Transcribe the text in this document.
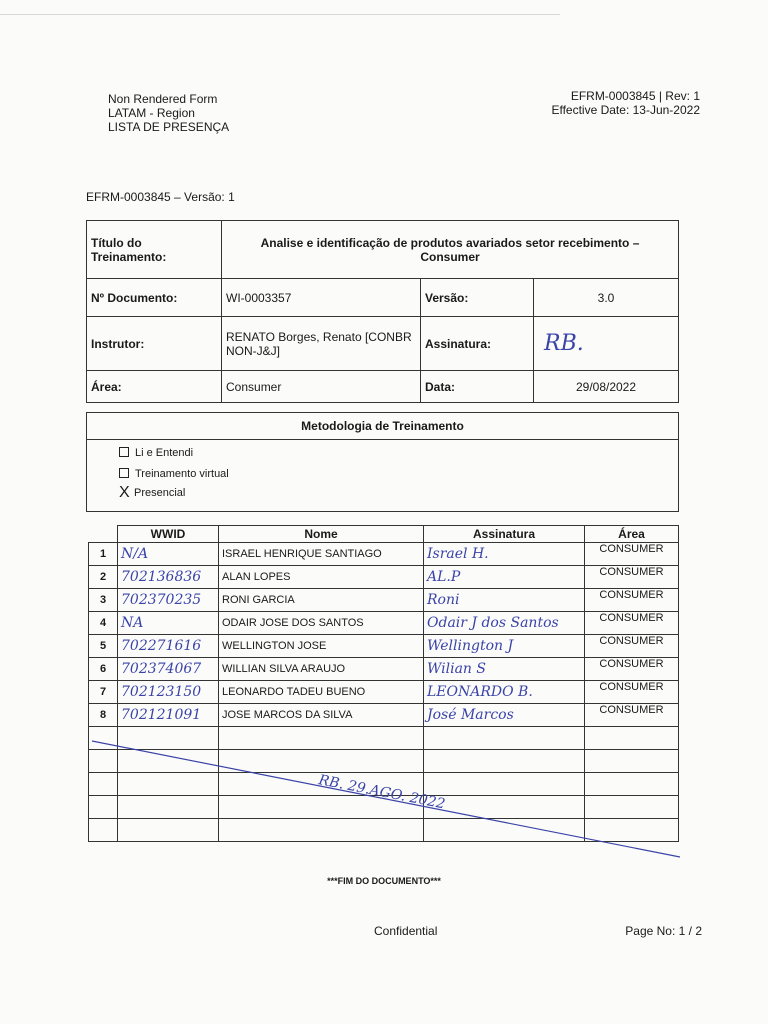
Non Rendered Form
LATAM - Region
LISTA DE PRESENÇA
EFRM-0003845 | Rev: 1
Effective Date: 13-Jun-2022
EFRM-0003845 – Versão: 1
Título do Treinamento:	Analise e identificação de produtos avariados setor recebimento – Consumer		
Nº Documento:	WI-0003357	Versão:	3.0
Instrutor:	RENATO Borges, Renato [CONBR NON-J&J]	Assinatura:	RB.
Área:	Consumer	Data:	29/08/2022
Metodologia de Treinamento
Li e Entendi
Treinamento virtual
X Presencial
	WWID	Nome	Assinatura	Área
1	N/A	ISRAEL HENRIQUE SANTIAGO	Israel H.	CONSUMER
2	702136836	ALAN LOPES	AL.P	CONSUMER
3	702370235	RONI GARCIA	Roni	CONSUMER
4	NA	ODAIR JOSE DOS SANTOS	Odair J dos Santos	CONSUMER
5	702271616	WELLINGTON JOSE	Wellington J	CONSUMER
6	702374067	WILLIAN SILVA ARAUJO	Wilian S	CONSUMER
7	702123150	LEONARDO TADEU BUENO	LEONARDO B.	CONSUMER
8	702121091	JOSE MARCOS DA SILVA	José Marcos	CONSUMER

RB. 29.AGO. 2022
***FIM DO DOCUMENTO***
Confidential	Page No: 1 / 2
